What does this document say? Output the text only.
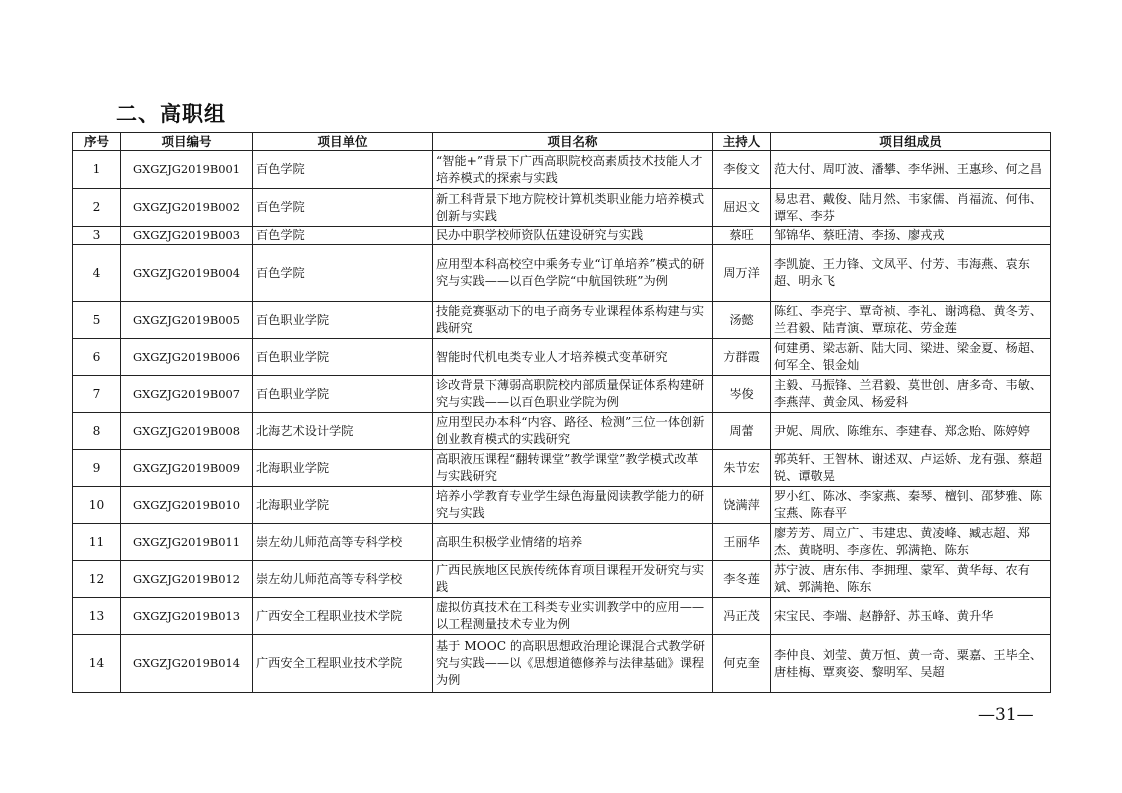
二、高职组
序号	项目编号	项目单位	项目名称	主持人	项目组成员
1	GXGZJG2019B001	百色学院	“智能+”背景下广西高职院校高素质技术技能人才培养模式的探索与实践	李俊文	范大付、周叮波、潘攀、李华洲、王惠珍、何之昌
2	GXGZJG2019B002	百色学院	新工科背景下地方院校计算机类职业能力培养模式创新与实践	屈迟文	易忠君、戴俊、陆月然、韦家儒、肖福流、何伟、谭军、李芬
3	GXGZJG2019B003	百色学院	民办中职学校师资队伍建设研究与实践	蔡旺	邹锦华、蔡旺清、李扬、廖戎戎
4	GXGZJG2019B004	百色学院	应用型本科高校空中乘务专业“订单培养”模式的研究与实践——以百色学院“中航国铁班”为例	周万洋	李凯旋、王力锋、文凤平、付芳、韦海燕、袁东超、明永飞
5	GXGZJG2019B005	百色职业学院	技能竞赛驱动下的电子商务专业课程体系构建与实践研究	汤懿	陈红、李亮宇、覃奇祯、李礼、谢鸿稳、黄冬芳、兰君毅、陆青演、覃琼花、劳金莲
6	GXGZJG2019B006	百色职业学院	智能时代机电类专业人才培养模式变革研究	方群霞	何建勇、梁志新、陆大同、梁进、梁金夏、杨超、何军全、银金灿
7	GXGZJG2019B007	百色职业学院	诊改背景下薄弱高职院校内部质量保证体系构建研究与实践——以百色职业学院为例	岑俊	主毅、马振锋、兰君毅、莫世创、唐多奇、韦敏、李燕萍、黄金凤、杨爱科
8	GXGZJG2019B008	北海艺术设计学院	应用型民办本科“内容、路径、检测”三位一体创新创业教育模式的实践研究	周蕾	尹妮、周欣、陈维东、李建春、郑念贻、陈婷婷
9	GXGZJG2019B009	北海职业学院	高职液压课程“翻转课堂”教学课堂”教学模式改革与实践研究	朱节宏	郭英轩、王智林、谢述双、卢运娇、龙有强、蔡超锐、谭敬晃
10	GXGZJG2019B010	北海职业学院	培养小学教育专业学生绿色海量阅读教学能力的研究与实践	饶满萍	罗小红、陈冰、李家燕、秦琴、檀钊、邵梦雅、陈宝燕、陈春平
11	GXGZJG2019B011	崇左幼儿师范高等专科学校	高职生积极学业情绪的培养	王丽华	廖芳芳、周立广、韦建忠、黄凌峰、臧志超、郑杰、黄晓明、李彦佐、郭满艳、陈东
12	GXGZJG2019B012	崇左幼儿师范高等专科学校	广西民族地区民族传统体育项目课程开发研究与实践	李冬莲	苏宁波、唐东伟、李拥理、蒙军、黄华每、农有斌、郭满艳、陈东
13	GXGZJG2019B013	广西安全工程职业技术学院	虚拟仿真技术在工科类专业实训教学中的应用——以工程测量技术专业为例	冯正茂	宋宝民、李端、赵静舒、苏玉峰、黄升华
14	GXGZJG2019B014	广西安全工程职业技术学院	基于 MOOC 的高职思想政治理论课混合式教学研究与实践——以《思想道德修养与法律基础》课程为例	何克奎	李仲良、刘莹、黄万恒、黄一奇、粟嘉、王毕全、唐桂梅、覃爽姿、黎明军、吴超
—31—
